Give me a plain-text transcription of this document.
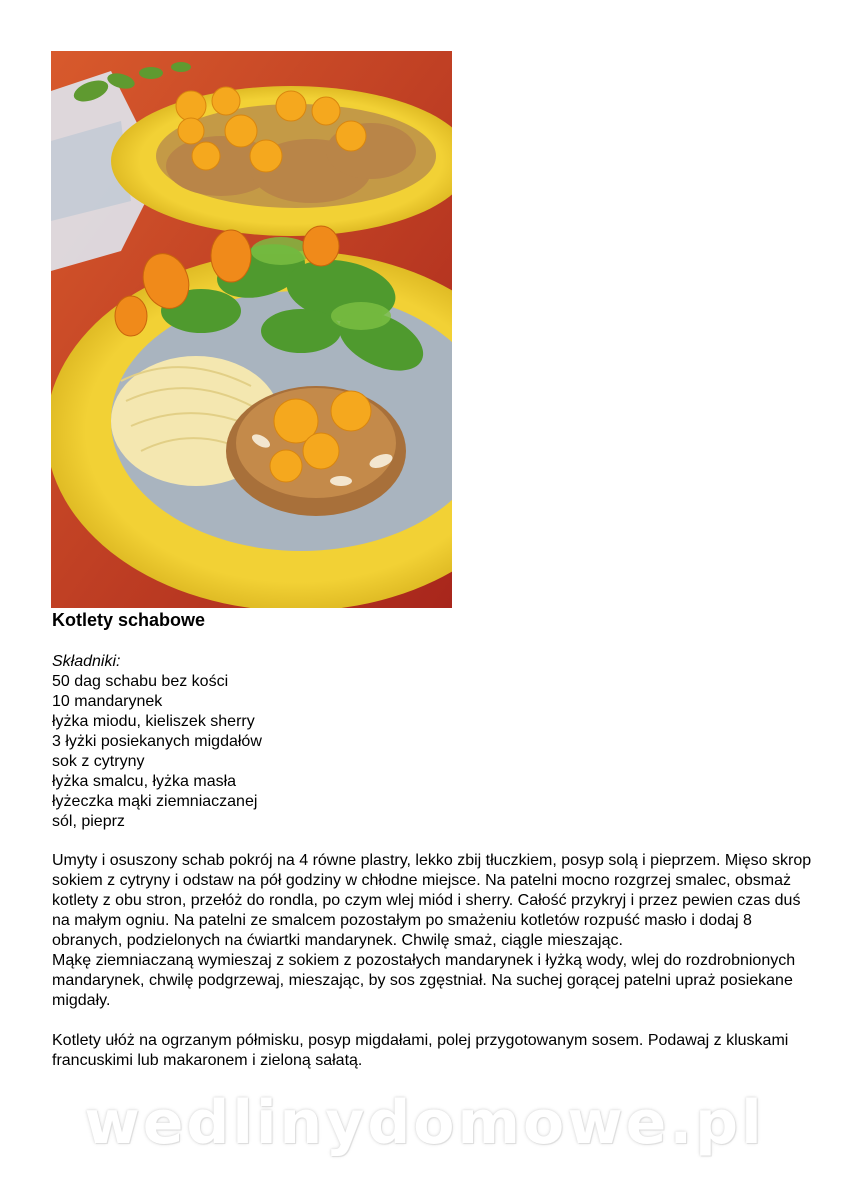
Kotlety schabowe
Składniki:
50 dag schabu bez kości
10 mandarynek
łyżka miodu, kieliszek sherry
3 łyżki posiekanych migdałów
sok z cytryny
łyżka smalcu, łyżka masła
łyżeczka mąki ziemniaczanej
sól, pieprz

Umyty i osuszony schab pokrój na 4 równe plastry, lekko zbij tłuczkiem, posyp solą i pieprzem. Mięso skrop sokiem z cytryny i odstaw na pół godziny w chłodne miejsce. Na patelni mocno rozgrzej smalec, obsmaż kotlety z obu stron, przełóż do rondla, po czym wlej miód i sherry. Całość przykryj i przez pewien czas duś na małym ogniu. Na patelni ze smalcem pozostałym po smażeniu kotletów rozpuść masło i dodaj 8 obranych, podzielonych na ćwiartki mandarynek. Chwilę smaż, ciągle mieszając.

Mąkę ziemniaczaną wymieszaj z sokiem z pozostałych mandarynek i łyżką wody, wlej do rozdrobnionych mandarynek, chwilę podgrzewaj, mieszając, by sos zgęstniał. Na suchej gorącej patelni upraż posiekane migdały.

Kotlety ułóż na ogrzanym półmisku, posyp migdałami, polej przygotowanym sosem. Podawaj z kluskami francuskimi lub makaronem i zieloną sałatą.

wedlinydomowe.pl
